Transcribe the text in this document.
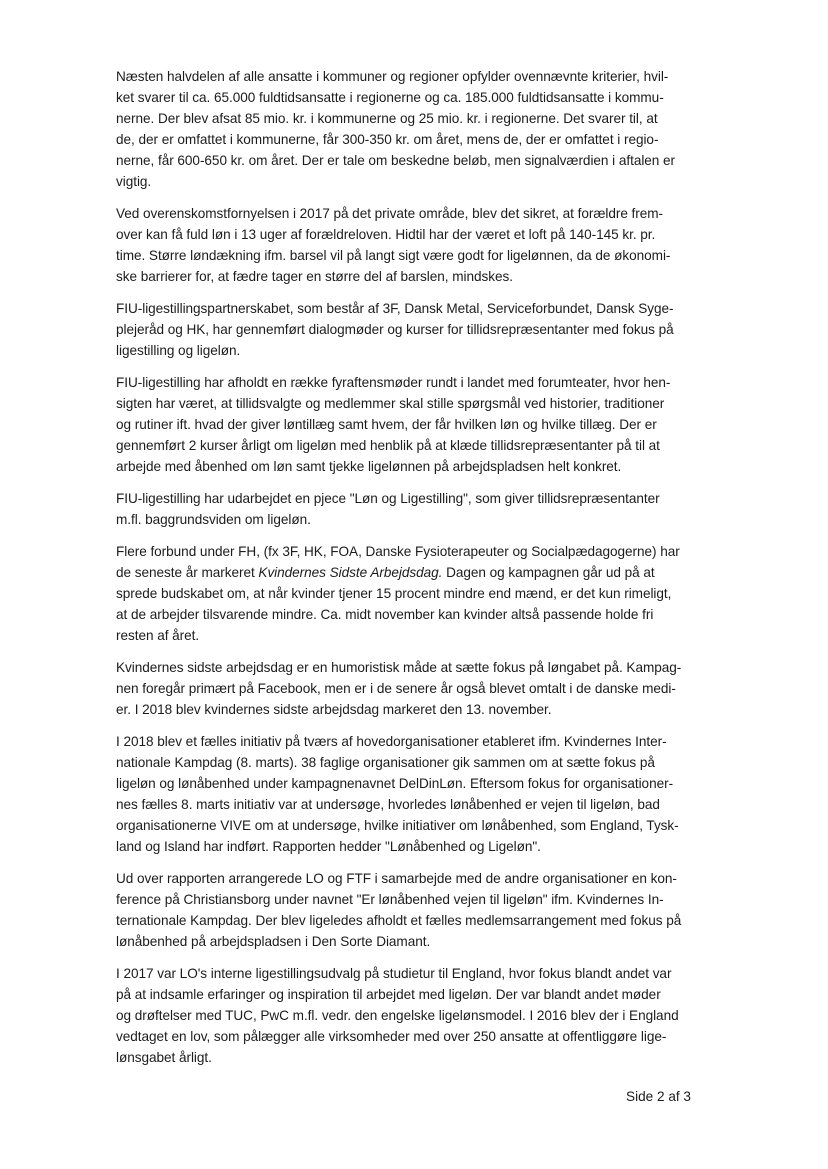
Næsten halvdelen af alle ansatte i kommuner og regioner opfylder ovennævnte kriterier, hvil-
ket svarer til ca. 65.000 fuldtidsansatte i regionerne og ca. 185.000 fuldtidsansatte i kommu-
nerne. Der blev afsat 85 mio. kr. i kommunerne og 25 mio. kr. i regionerne. Det svarer til, at
de, der er omfattet i kommunerne, får 300-350 kr. om året, mens de, der er omfattet i regio-
nerne, får 600-650 kr. om året. Der er tale om beskedne beløb, men signalværdien i aftalen er
vigtig.

Ved overenskomstfornyelsen i 2017 på det private område, blev det sikret, at forældre frem-
over kan få fuld løn i 13 uger af forældreloven. Hidtil har der været et loft på 140-145 kr. pr.
time. Større løndækning ifm. barsel vil på langt sigt være godt for ligelønnen, da de økonomi-
ske barrierer for, at fædre tager en større del af barslen, mindskes.

FIU-ligestillingspartnerskabet, som består af 3F, Dansk Metal, Serviceforbundet, Dansk Syge-
plejeråd og HK, har gennemført dialogmøder og kurser for tillidsrepræsentanter med fokus på
ligestilling og ligeløn.

FIU-ligestilling har afholdt en række fyraftensmøder rundt i landet med forumteater, hvor hen-
sigten har været, at tillidsvalgte og medlemmer skal stille spørgsmål ved historier, traditioner
og rutiner ift. hvad der giver løntillæg samt hvem, der får hvilken løn og hvilke tillæg. Der er
gennemført 2 kurser årligt om ligeløn med henblik på at klæde tillidsrepræsentanter på til at
arbejde med åbenhed om løn samt tjekke ligelønnen på arbejdspladsen helt konkret.

FIU-ligestilling har udarbejdet en pjece "Løn og Ligestilling", som giver tillidsrepræsentanter
m.fl. baggrundsviden om ligeløn.

Flere forbund under FH, (fx 3F, HK, FOA, Danske Fysioterapeuter og Socialpædagogerne) har
de seneste år markeret Kvindernes Sidste Arbejdsdag. Dagen og kampagnen går ud på at
sprede budskabet om, at når kvinder tjener 15 procent mindre end mænd, er det kun rimeligt,
at de arbejder tilsvarende mindre. Ca. midt november kan kvinder altså passende holde fri
resten af året.

Kvindernes sidste arbejdsdag er en humoristisk måde at sætte fokus på løngabet på. Kampag-
nen foregår primært på Facebook, men er i de senere år også blevet omtalt i de danske medi-
er. I 2018 blev kvindernes sidste arbejdsdag markeret den 13. november.

I 2018 blev et fælles initiativ på tværs af hovedorganisationer etableret ifm. Kvindernes Inter-
nationale Kampdag (8. marts). 38 faglige organisationer gik sammen om at sætte fokus på
ligeløn og lønåbenhed under kampagnenavnet DelDinLøn. Eftersom fokus for organisationer-
nes fælles 8. marts initiativ var at undersøge, hvorledes lønåbenhed er vejen til ligeløn, bad
organisationerne VIVE om at undersøge, hvilke initiativer om lønåbenhed, som England, Tysk-
land og Island har indført. Rapporten hedder "Lønåbenhed og Ligeløn".

Ud over rapporten arrangerede LO og FTF i samarbejde med de andre organisationer en kon-
ference på Christiansborg under navnet "Er lønåbenhed vejen til ligeløn" ifm. Kvindernes In-
ternationale Kampdag. Der blev ligeledes afholdt et fælles medlemsarrangement med fokus på
lønåbenhed på arbejdspladsen i Den Sorte Diamant.

I 2017 var LO's interne ligestillingsudvalg på studietur til England, hvor fokus blandt andet var
på at indsamle erfaringer og inspiration til arbejdet med ligeløn. Der var blandt andet møder
og drøftelser med TUC, PwC m.fl. vedr. den engelske ligelønsmodel. I 2016 blev der i England
vedtaget en lov, som pålægger alle virksomheder med over 250 ansatte at offentliggøre lige-
lønsgabet årligt.

Side 2 af 3
